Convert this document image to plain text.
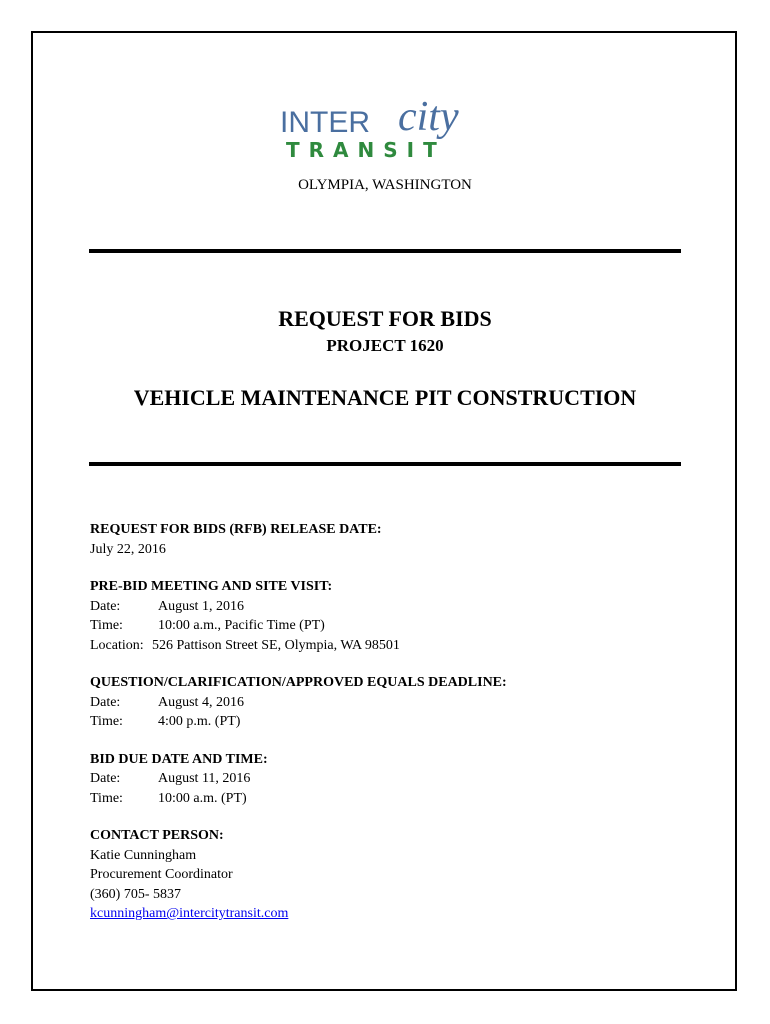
INTER city
TRANSIT
OLYMPIA, WASHINGTON
REQUEST FOR BIDS
PROJECT 1620
VEHICLE MAINTENANCE PIT CONSTRUCTION
REQUEST FOR BIDS (RFB) RELEASE DATE:
July 22, 2016
PRE-BID MEETING AND SITE VISIT:
Date:	August 1, 2016
Time:	10:00 a.m., Pacific Time (PT)
Location: 526 Pattison Street SE, Olympia, WA 98501
QUESTION/CLARIFICATION/APPROVED EQUALS DEADLINE:
Date:	August 4, 2016
Time:	4:00 p.m. (PT)
BID DUE DATE AND TIME:
Date:	August 11, 2016
Time:	10:00 a.m. (PT)
CONTACT PERSON:
Katie Cunningham
Procurement Coordinator
(360) 705- 5837
kcunningham@intercitytransit.com
